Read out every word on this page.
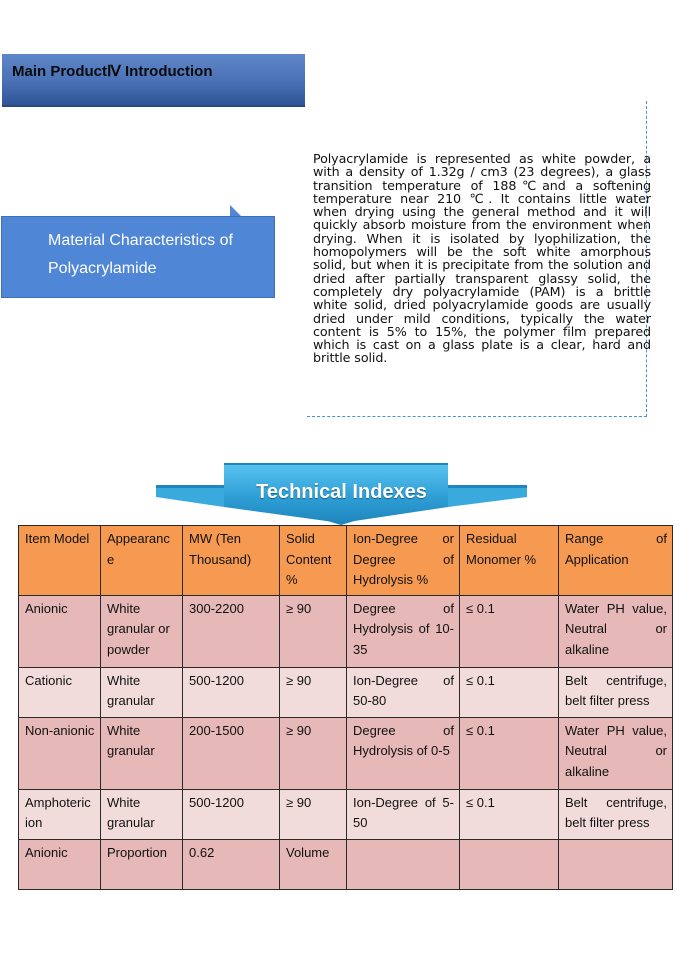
Main ProductⅣ Introduction
Polyacrylamide is represented as white powder, a with a density of 1.32g / cm3 (23 degrees), a glass transition temperature of 188℃and a softening temperature near 210 ℃. It contains little water when drying using the general method and it will quickly absorb moisture from the environment when drying. When it is isolated by lyophilization, the homopolymers will be the soft white amorphous solid, but when it is precipitate from the solution and dried after partially transparent glassy solid, the completely dry polyacrylamide (PAM) is a brittle white solid, dried polyacrylamide goods are usually dried under mild conditions, typically the water content is 5% to 15%, the polymer film prepared which is cast on a glass plate is a clear, hard and brittle solid.
Material Characteristics of Polyacrylamide
Technical Indexes
Item Model	Appearance	MW (Ten Thousand)	Solid Content %	Ion-Degree or Degree of Hydrolysis %	Residual Monomer %	Range of Application
Anionic	White granular or powder	300-2200	≥ 90	Degree of Hydrolysis of 10-35	≤ 0.1	Water PH value, Neutral or alkaline
Cationic	White granular	500-1200	≥ 90	Ion-Degree of 50-80	≤ 0.1	Belt centrifuge, belt filter press
Non-anionic	White granular	200-1500	≥ 90	Degree of Hydrolysis of 0-5	≤ 0.1	Water PH value, Neutral or alkaline
Amphoteric ion	White granular	500-1200	≥ 90	Ion-Degree of 5-50	≤ 0.1	Belt centrifuge, belt filter press
Anionic	Proportion	0.62	Volume			
